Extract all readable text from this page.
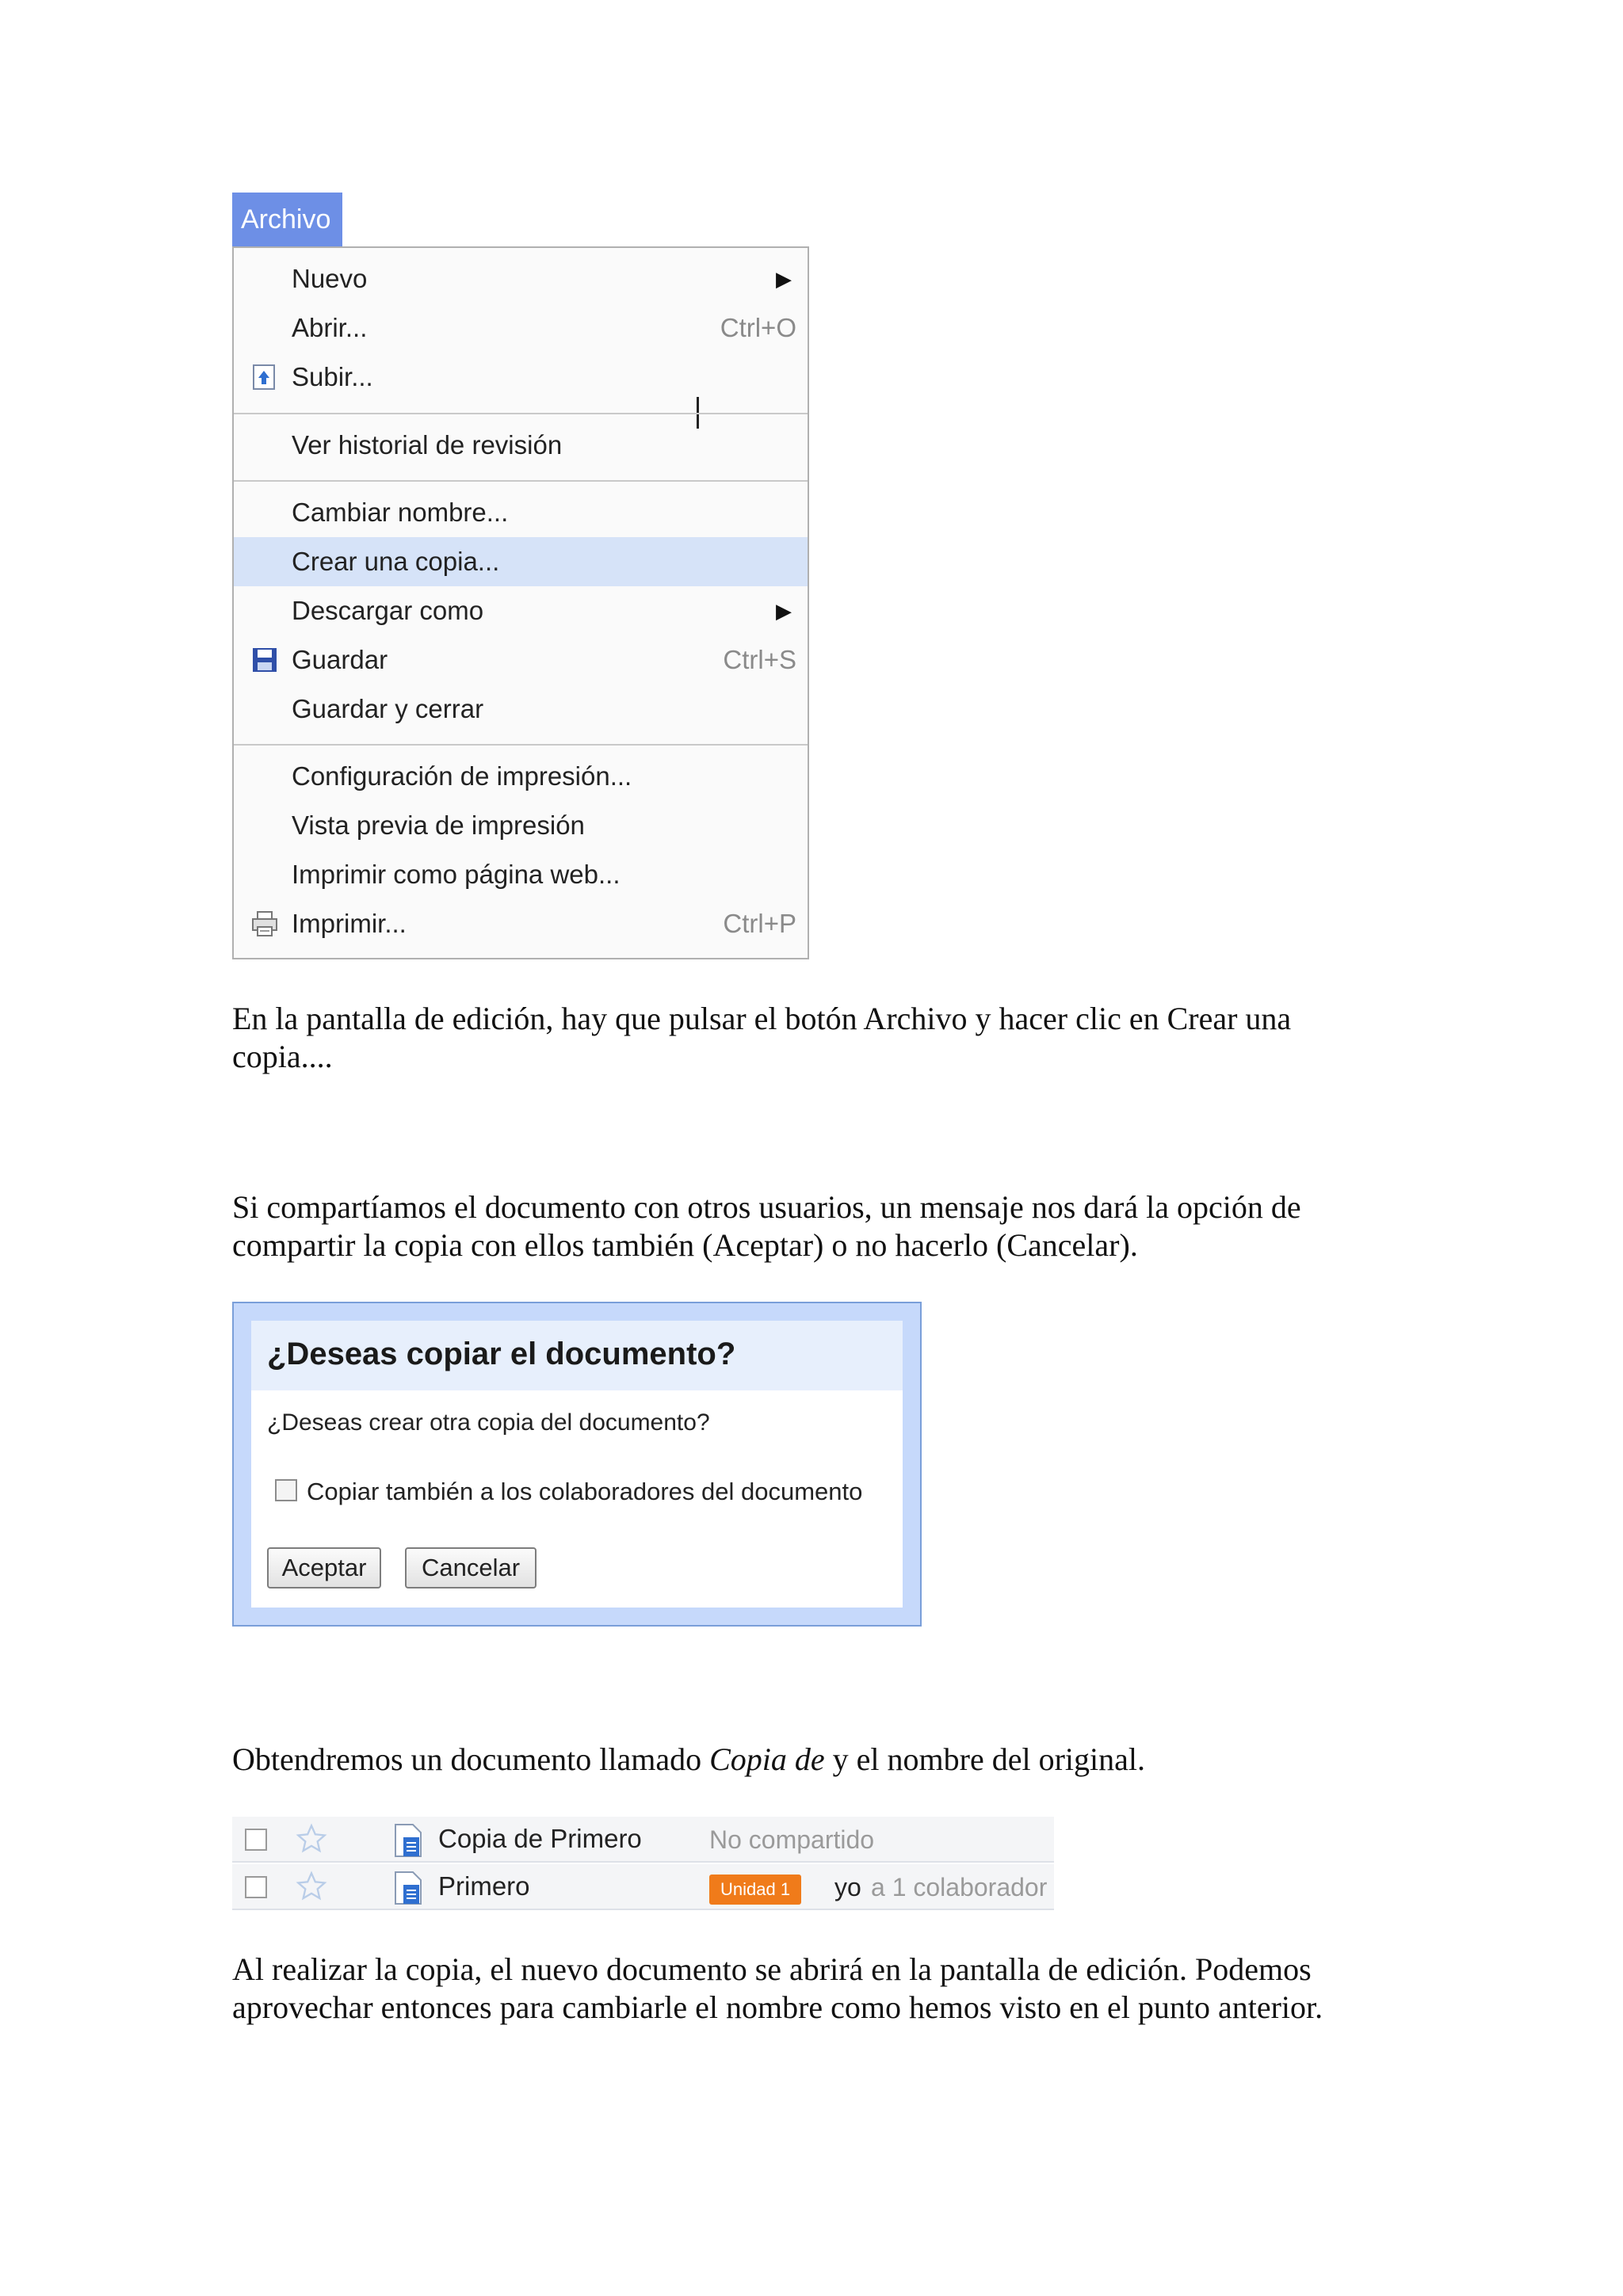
Archivo
Nuevo	▶
Abrir...	Ctrl+O
Subir...
Ver historial de revisión
Cambiar nombre...
Crear una copia...
Descargar como	▶
Guardar	Ctrl+S
Guardar y cerrar
Configuración de impresión...
Vista previa de impresión
Imprimir como página web...
Imprimir...	Ctrl+P

En la pantalla de edición, hay que pulsar el botón Archivo y hacer clic en Crear una copia....

Si compartíamos el documento con otros usuarios, un mensaje nos dará la opción de compartir la copia con ellos también (Aceptar) o no hacerlo (Cancelar).

¿Deseas copiar el documento?
¿Deseas crear otra copia del documento?
Copiar también a los colaboradores del documento
Aceptar	Cancelar

Obtendremos un documento llamado Copia de y el nombre del original.

Copia de Primero	No compartido
Primero	Unidad 1	yo a 1 colaborador

Al realizar la copia, el nuevo documento se abrirá en la pantalla de edición. Podemos aprovechar entonces para cambiarle el nombre como hemos visto en el punto anterior.
